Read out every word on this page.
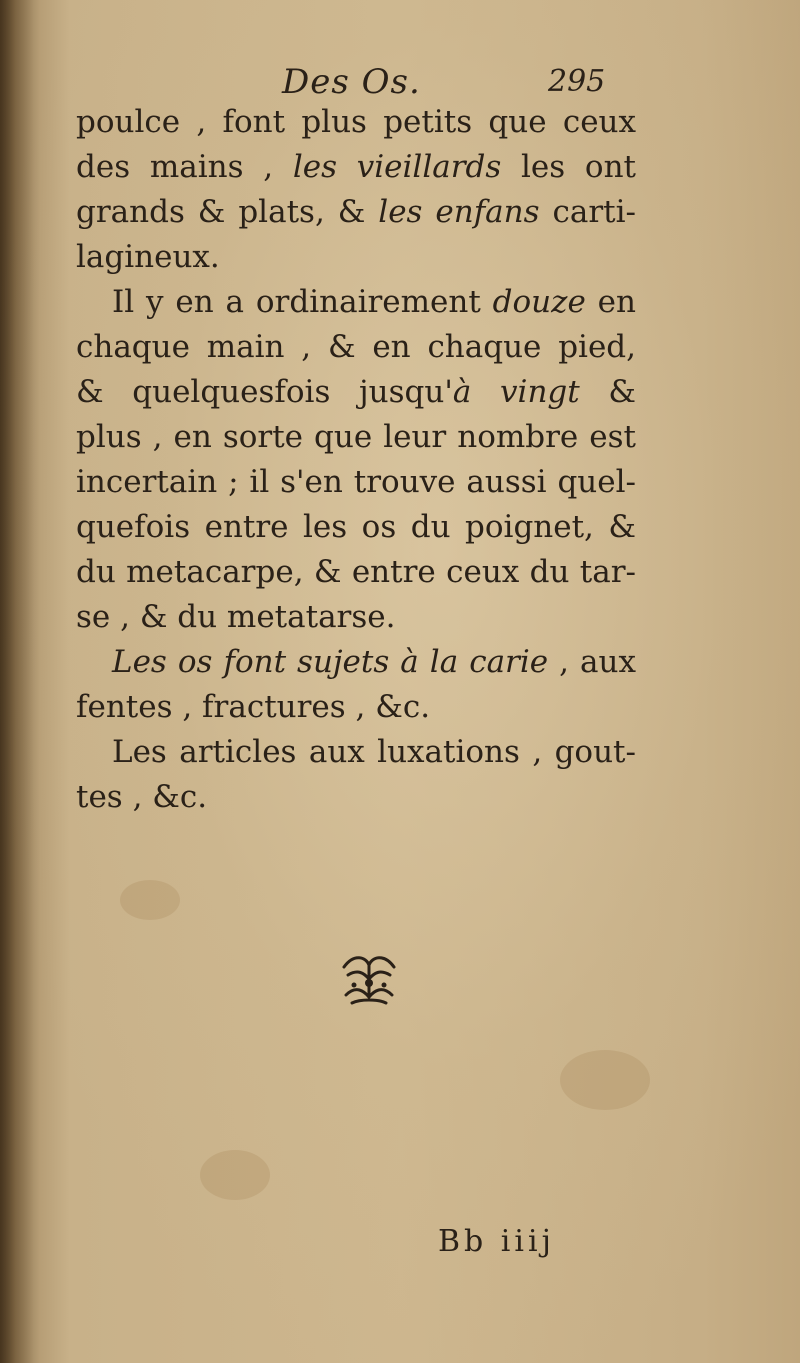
Des Os.	295
poulce , font plus petits que ceux
des mains , les vieillards les ont
grands & plats, & les enfans carti-
lagineux.
Il y en a ordinairement douze en
chaque main , & en chaque pied,
& quelquesfois jusqu'à vingt &
plus , en sorte que leur nombre est
incertain ; il s'en trouve aussi quel-
quefois entre les os du poignet, &
du metacarpe, & entre ceux du tar-
se , & du metatarse.
Les os font sujets à la carie , aux
fentes , fractures , &c.
Les articles aux luxations , gout-
tes , &c.
Bb iiij
